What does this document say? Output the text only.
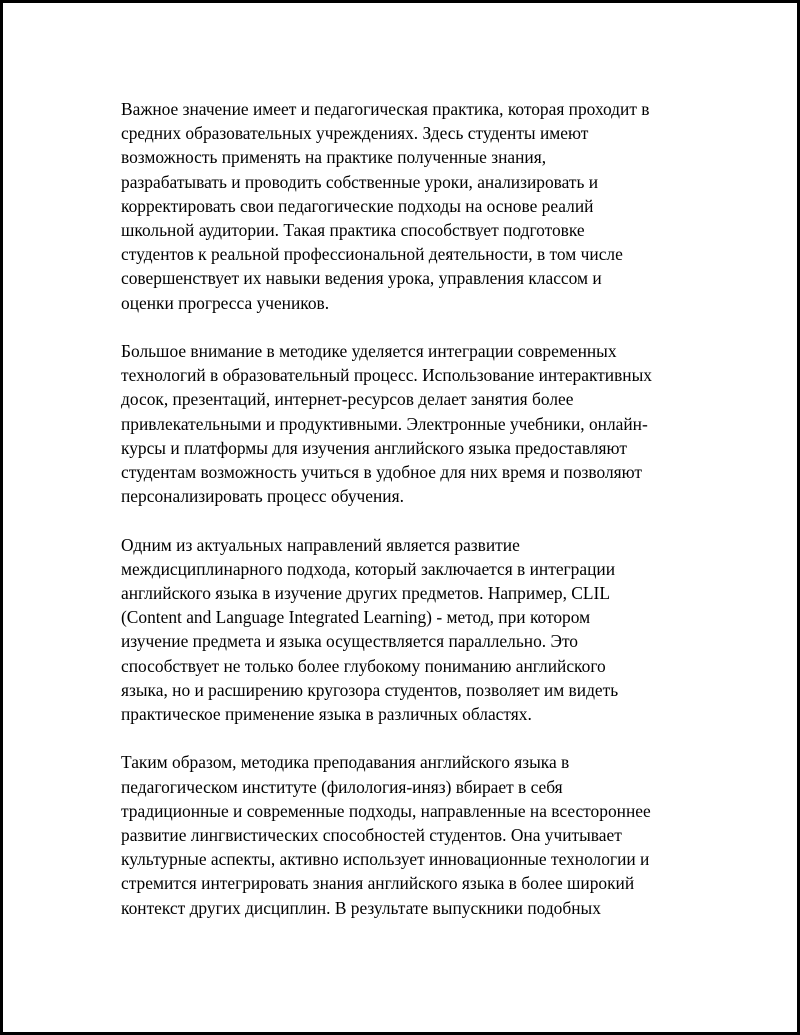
Важное значение имеет и педагогическая практика, которая проходит в
средних образовательных учреждениях. Здесь студенты имеют
возможность применять на практике полученные знания,
разрабатывать и проводить собственные уроки, анализировать и
корректировать свои педагогические подходы на основе реалий
школьной аудитории. Такая практика способствует подготовке
студентов к реальной профессиональной деятельности, в том числе
совершенствует их навыки ведения урока, управления классом и
оценки прогресса учеников.

Большое внимание в методике уделяется интеграции современных
технологий в образовательный процесс. Использование интерактивных
досок, презентаций, интернет-ресурсов делает занятия более
привлекательными и продуктивными. Электронные учебники, онлайн-
курсы и платформы для изучения английского языка предоставляют
студентам возможность учиться в удобное для них время и позволяют
персонализировать процесс обучения.

Одним из актуальных направлений является развитие
междисциплинарного подхода, который заключается в интеграции
английского языка в изучение других предметов. Например, CLIL
(Content and Language Integrated Learning) - метод, при котором
изучение предмета и языка осуществляется параллельно. Это
способствует не только более глубокому пониманию английского
языка, но и расширению кругозора студентов, позволяет им видеть
практическое применение языка в различных областях.

Таким образом, методика преподавания английского языка в
педагогическом институте (филология-иняз) вбирает в себя
традиционные и современные подходы, направленные на всестороннее
развитие лингвистических способностей студентов. Она учитывает
культурные аспекты, активно использует инновационные технологии и
стремится интегрировать знания английского языка в более широкий
контекст других дисциплин. В результате выпускники подобных
